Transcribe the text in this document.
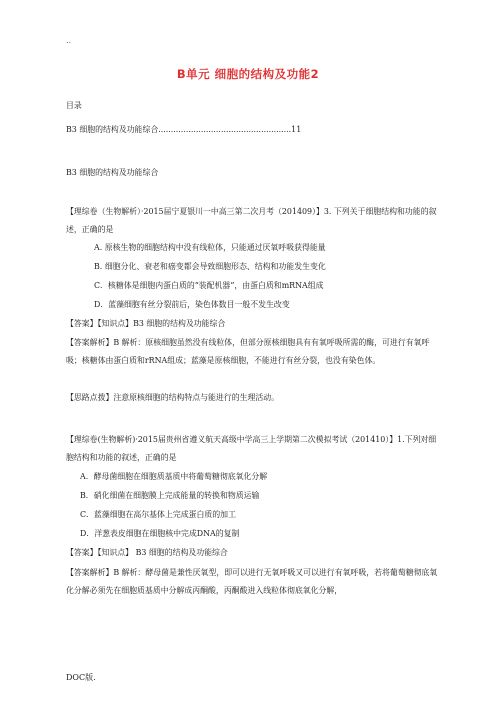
..
B单元 细胞的结构及功能2
目录
B3 细胞的结构及功能综合.....................................................11
B3 细胞的结构及功能综合
【理综卷（生物解析）·2015届宁夏银川一中高三第二次月考（201409）】3. 下列关于细胞结构和功能的叙述，正确的是
A. 原核生物的细胞结构中没有线粒体，只能通过厌氧呼吸获得能量
B. 细胞分化、衰老和癌变都会导致细胞形态、结构和功能发生变化
C．核糖体是细胞内蛋白质的“装配机器”，由蛋白质和mRNA组成
D．蓝藻细胞有丝分裂前后，染色体数目一般不发生改变
【答案】【知识点】B3 细胞的结构及功能综合
【答案解析】B 解析：原核细胞虽然没有线粒体，但部分原核细胞具有有氧呼吸所需的酶，可进行有氧呼吸；核糖体由蛋白质和rRNA组成；蓝藻是原核细胞，不能进行有丝分裂，也没有染色体。
【思路点拨】注意原核细胞的结构特点与能进行的生理活动。
【理综卷(生物解析)·2015届贵州省遵义航天高级中学高三上学期第二次模拟考试（201410）】1.下列对细胞结构和功能的叙述，正确的是
A．酵母菌细胞在细胞质基质中将葡萄糖彻底氧化分解
B．硝化细菌在细胞膜上完成能量的转换和物质运输
C．蓝藻细胞在高尔基体上完成蛋白质的加工
D．洋葱表皮细胞在细胞核中完成DNA的复制
【答案】【知识点】 B3 细胞的结构及功能综合
【答案解析】B 解析：酵母菌是兼性厌氧型，即可以进行无氧呼吸又可以进行有氧呼吸，若将葡萄糖彻底氧化分解必须先在细胞质基质中分解成丙酮酸，丙酮酸进入线粒体彻底氧化分解，
DOC版.
